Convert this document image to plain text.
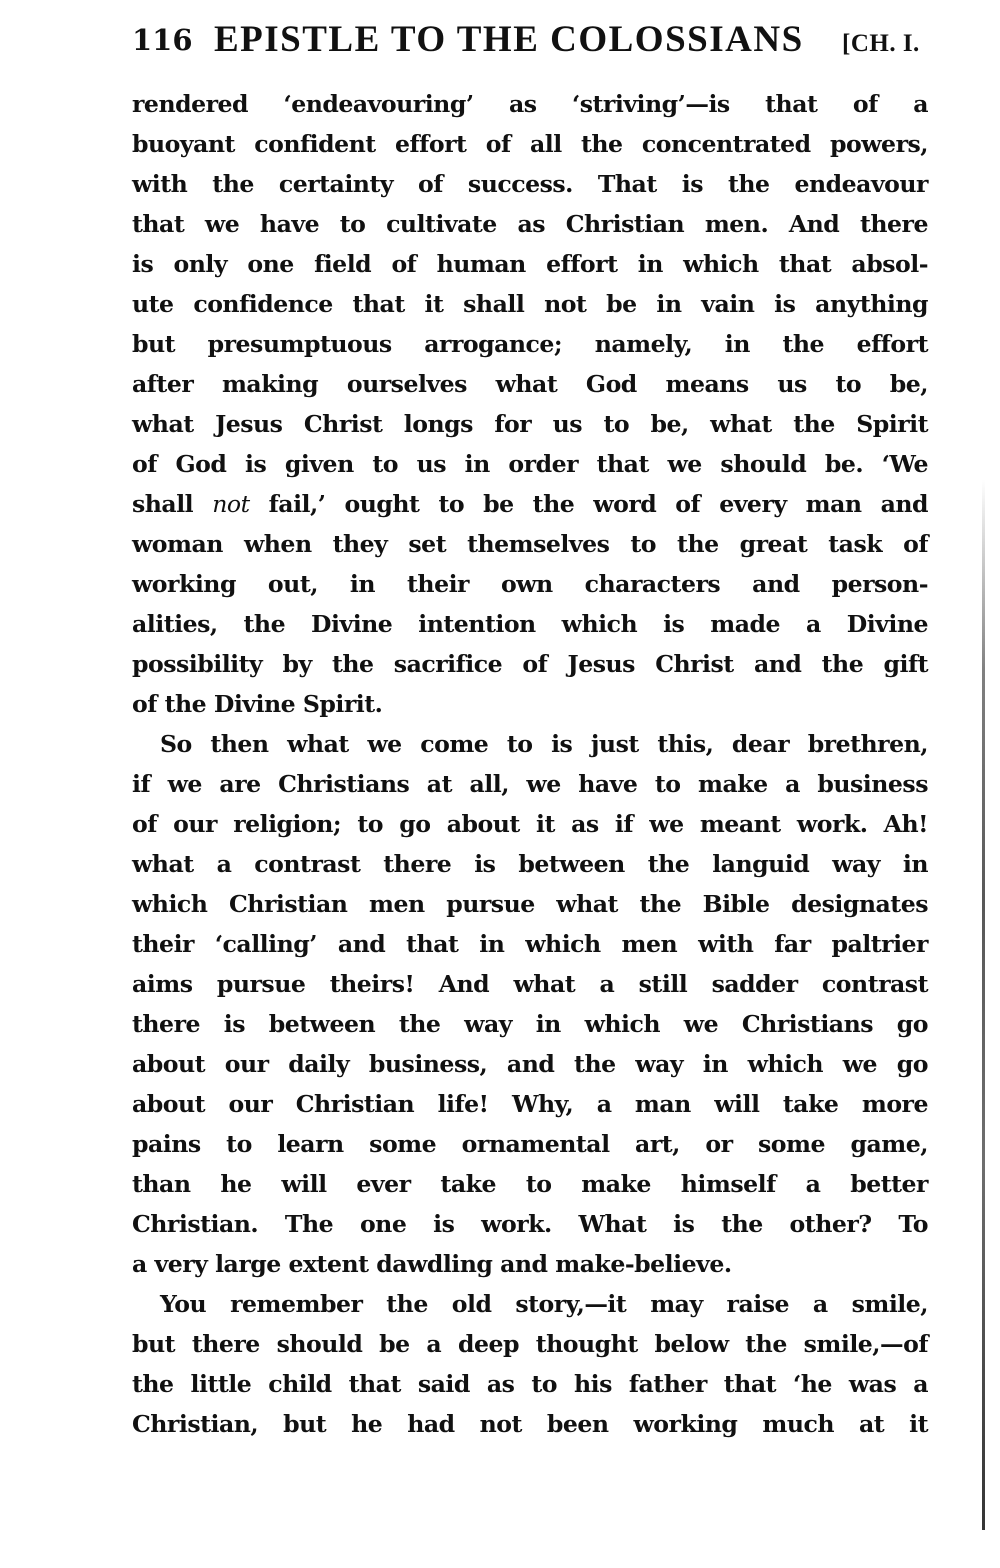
116 EPISTLE TO THE COLOSSIANS [CH. I.
rendered ‘endeavouring’ as ‘striving’—is that of a
buoyant confident effort of all the concentrated powers,
with the certainty of success. That is the endeavour
that we have to cultivate as Christian men. And there
is only one field of human effort in which that absol-
ute confidence that it shall not be in vain is anything
but presumptuous arrogance; namely, in the effort
after making ourselves what God means us to be,
what Jesus Christ longs for us to be, what the Spirit
of God is given to us in order that we should be. ‘We
shall not fail,’ ought to be the word of every man and
woman when they set themselves to the great task of
working out, in their own characters and person-
alities, the Divine intention which is made a Divine
possibility by the sacrifice of Jesus Christ and the gift
of the Divine Spirit.
So then what we come to is just this, dear brethren,
if we are Christians at all, we have to make a business
of our religion; to go about it as if we meant work. Ah!
what a contrast there is between the languid way in
which Christian men pursue what the Bible designates
their ‘calling’ and that in which men with far paltrier
aims pursue theirs! And what a still sadder contrast
there is between the way in which we Christians go
about our daily business, and the way in which we go
about our Christian life! Why, a man will take more
pains to learn some ornamental art, or some game,
than he will ever take to make himself a better
Christian. The one is work. What is the other? To
a very large extent dawdling and make-believe.
You remember the old story,—it may raise a smile,
but there should be a deep thought below the smile,—of
the little child that said as to his father that ‘he was a
Christian, but he had not been working much at it
